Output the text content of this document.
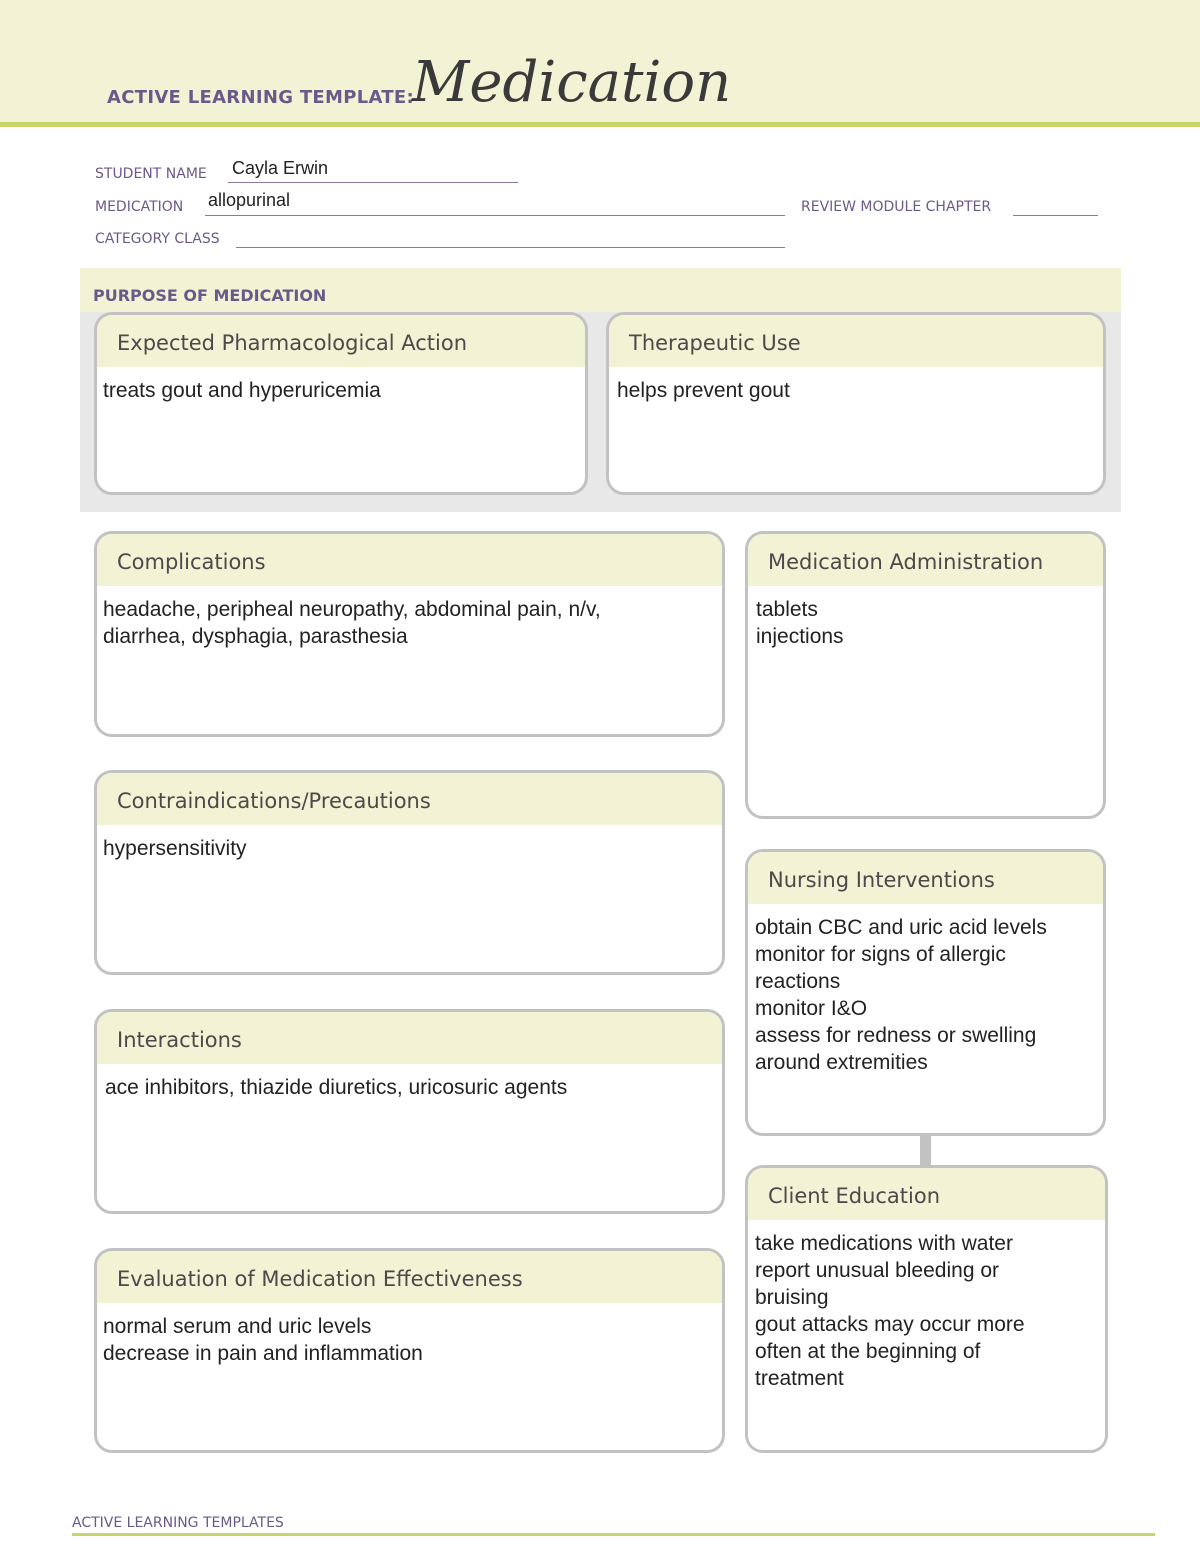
ACTIVE LEARNING TEMPLATE:
Medication
STUDENT NAME Cayla Erwin
MEDICATION allopurinal	REVIEW MODULE CHAPTER
CATEGORY CLASS
PURPOSE OF MEDICATION
Expected Pharmacological Action
treats gout and hyperuricemia
Therapeutic Use
helps prevent gout
Complications
headache, peripheal neuropathy, abdominal pain, n/v,
diarrhea, dysphagia, parasthesia
Medication Administration
tablets
injections
Contraindications/Precautions
hypersensitivity
Nursing Interventions
obtain CBC and uric acid levels
monitor for signs of allergic
reactions
monitor I&O
assess for redness or swelling
around extremities
Interactions
ace inhibitors, thiazide diuretics, uricosuric agents
Client Education
take medications with water
report unusual bleeding or
bruising
gout attacks may occur more
often at the beginning of
treatment
Evaluation of Medication Effectiveness
normal serum and uric levels
decrease in pain and inflammation
ACTIVE LEARNING TEMPLATES
